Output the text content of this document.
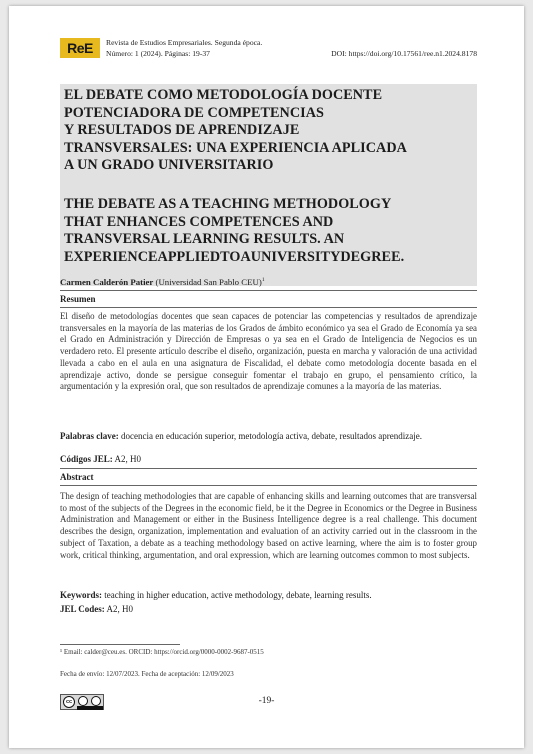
ReE	Revista de Estudios Empresariales. Segunda época.
Número: 1 (2024). Páginas: 19-37	DOI: https://doi.org/10.17561/ree.n1.2024.8178
EL DEBATE COMO METODOLOGÍA DOCENTE
POTENCIADORA DE COMPETENCIAS
Y RESULTADOS DE APRENDIZAJE
TRANSVERSALES: UNA EXPERIENCIA APLICADA
A UN GRADO UNIVERSITARIO
THE DEBATE AS A TEACHING METHODOLOGY
THAT ENHANCES COMPETENCES AND
TRANSVERSAL LEARNING RESULTS. AN
EXPERIENCEAPPLIEDTOAUNIVERSITYDEGREE.
Carmen Calderón Patier (Universidad San Pablo CEU)$^1$
Resumen
El diseño de metodologías docentes que sean capaces de potenciar las competencias y resultados de aprendizaje transversales en la mayoría de las materias de los Grados de ámbito económico ya sea el Grado de Economía ya sea el Grado en Administración y Dirección de Empresas o ya sea en el Grado de Inteligencia de Negocios es un verdadero reto. El presente artículo describe el diseño, organización, puesta en marcha y valoración de una actividad llevada a cabo en el aula en una asignatura de Fiscalidad, el debate como metodología docente basada en el aprendizaje activo, donde se persigue conseguir fomentar el trabajo en grupo, el pensamiento crítico, la argumentación y la expresión oral, que son resultados de aprendizaje comunes a la mayoría de las materias.
Palabras clave: docencia en educación superior, metodología activa, debate, resultados aprendizaje.
Códigos JEL: A2, H0
Abstract
The design of teaching methodologies that are capable of enhancing skills and learning outcomes that are transversal to most of the subjects of the Degrees in the economic field, be it the Degree in Economics or the Degree in Business Administration and Management or either in the Business Intelligence degree is a real challenge. This document describes the design, organization, implementation and evaluation of an activity carried out in the classroom in the subject of Taxation, a debate as a teaching methodology based on active learning, where the aim is to foster group work, critical thinking, argumentation, and oral expression, which are learning outcomes common to most subjects.
Keywords: teaching in higher education, active methodology, debate, learning results.
JEL Codes: A2, H0
¹ Email: calder@ceu.es. ORCID: https://orcid.org/0000-0002-9687-0515
Fecha de envío: 12/07/2023. Fecha de aceptación: 12/09/2023
cc	-19-
